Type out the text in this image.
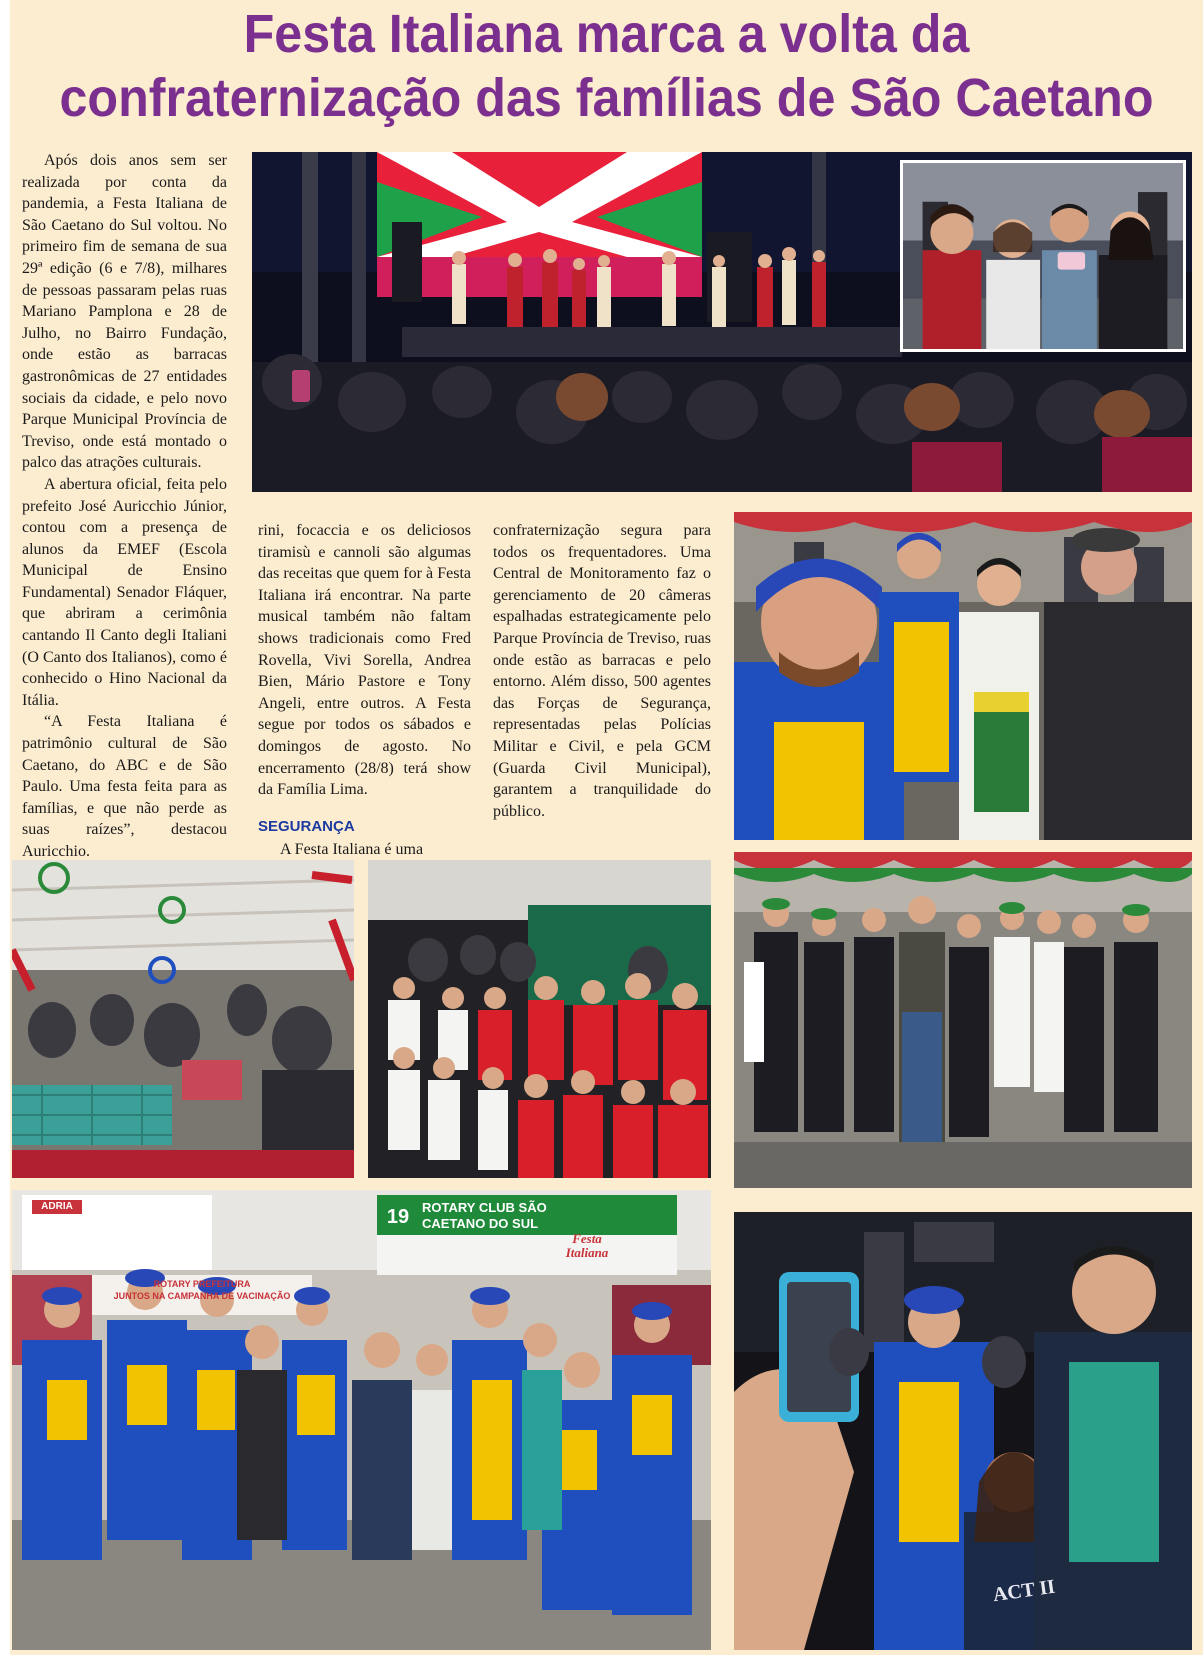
Festa Italiana marca a volta da
confraternização das famílias de São Caetano

Após dois anos sem ser realizada por conta da pandemia, a Festa Italiana de São Caetano do Sul voltou. No primeiro fim de semana de sua 29ª edição (6 e 7/8), milhares de pessoas passaram pelas ruas Mariano Pamplona e 28 de Julho, no Bairro Fundação, onde estão as barracas gastronômicas de 27 entidades sociais da cidade, e pelo novo Parque Municipal Província de Treviso, onde está montado o palco das atrações culturais.

A abertura oficial, feita pelo prefeito José Auricchio Júnior, contou com a presença de alunos da EMEF (Escola Municipal de Ensino Fundamental) Senador Fláquer, que abriram a cerimônia cantando Il Canto degli Italiani (O Canto dos Italianos), como é conhecido o Hino Nacional da Itália.

“A Festa Italiana é patrimônio cultural de São Caetano, do ABC e de São Paulo. Uma festa feita para as famílias, e que não perde as suas raízes”, destacou Auricchio.

rini, focaccia e os deliciosos tiramisù e cannoli são algumas das receitas que quem for à Festa Italiana irá encontrar. Na parte musical também não faltam shows tradicionais como Fred Rovella, Vivi Sorella, Andrea Bien, Mário Pastore e Tony Angeli, entre outros. A Festa segue por todos os sábados e domingos de agosto. No encerramento (28/8) terá show da Família Lima.

SEGURANÇA

A Festa Italiana é uma

confraternização segura para todos os frequentadores. Uma Central de Monitoramento faz o gerenciamento de 20 câmeras espalhadas estrategicamente pelo Parque Província de Treviso, ruas onde estão as barracas e pelo entorno. Além disso, 500 agentes das Forças de Segurança, representadas pelas Polícias Militar e Civil, e pela GCM (Guarda Civil Municipal), garantem a tranquilidade do público.

19 ROTARY CLUB SÃO
CAETANO DO SUL
Festa
Italiana
ROTARY PREFEITURA
JUNTOS NA CAMPANHA DE VACINAÇÃO
ADRIA
ACT II
